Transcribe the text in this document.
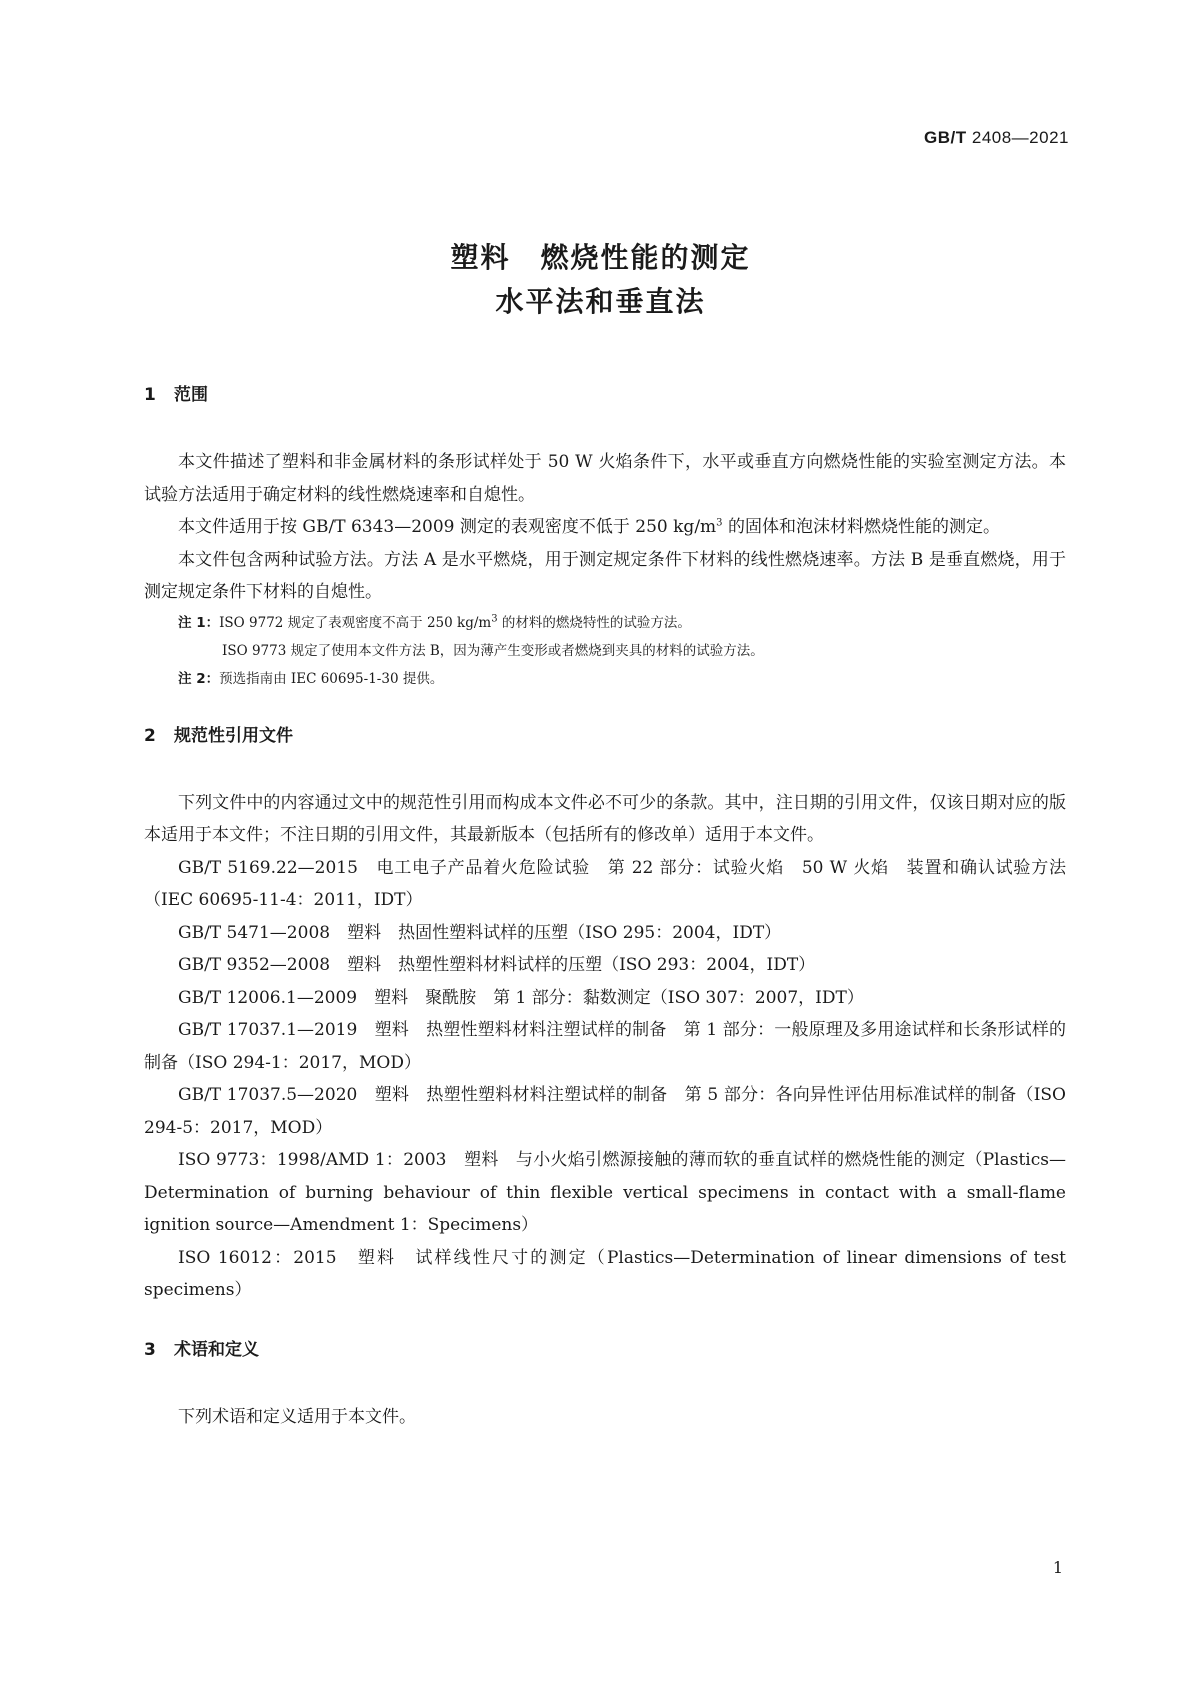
GB/T 2408—2021
塑料　燃烧性能的测定
水平法和垂直法
1 范围

本文件描述了塑料和非金属材料的条形试样处于 50 W 火焰条件下，水平或垂直方向燃烧性能的实验室测定方法。本试验方法适用于确定材料的线性燃烧速率和自熄性。

本文件适用于按 GB/T 6343—2009 测定的表观密度不低于 250 $kg/m^3$ 的固体和泡沫材料燃烧性能的测定。

本文件包含两种试验方法。方法 A 是水平燃烧，用于测定规定条件下材料的线性燃烧速率。方法 B 是垂直燃烧，用于测定规定条件下材料的自熄性。

注 1：ISO 9772 规定了表观密度不高于 250 $kg/m^3$ 的材料的燃烧特性的试验方法。

ISO 9773 规定了使用本文件方法 B，因为薄产生变形或者燃烧到夹具的材料的试验方法。

注 2：预选指南由 IEC 60695-1-30 提供。

2 规范性引用文件

下列文件中的内容通过文中的规范性引用而构成本文件必不可少的条款。其中，注日期的引用文件，仅该日期对应的版本适用于本文件；不注日期的引用文件，其最新版本（包括所有的修改单）适用于本文件。

GB/T 5169.22—2015　电工电子产品着火危险试验　第 22 部分：试验火焰　50 W 火焰　装置和确认试验方法（IEC 60695-11-4：2011，IDT）

GB/T 5471—2008　塑料　热固性塑料试样的压塑（ISO 295：2004，IDT）

GB/T 9352—2008　塑料　热塑性塑料材料试样的压塑（ISO 293：2004，IDT）

GB/T 12006.1—2009　塑料　聚酰胺　第 1 部分：黏数测定（ISO 307：2007，IDT）

GB/T 17037.1—2019　塑料　热塑性塑料材料注塑试样的制备　第 1 部分：一般原理及多用途试样和长条形试样的制备（ISO 294-1：2017，MOD）

GB/T 17037.5—2020　塑料　热塑性塑料材料注塑试样的制备　第 5 部分：各向异性评估用标准试样的制备（ISO 294-5：2017，MOD）

ISO 9773：1998/AMD 1：2003　塑料　与小火焰引燃源接触的薄而软的垂直试样的燃烧性能的测定（Plastics—Determination of burning behaviour of thin flexible vertical specimens in contact with a small-flame ignition source—Amendment 1：Specimens）

ISO 16012：2015　塑料　试样线性尺寸的测定（Plastics—Determination of linear dimensions of test specimens）

3 术语和定义

下列术语和定义适用于本文件。

1
